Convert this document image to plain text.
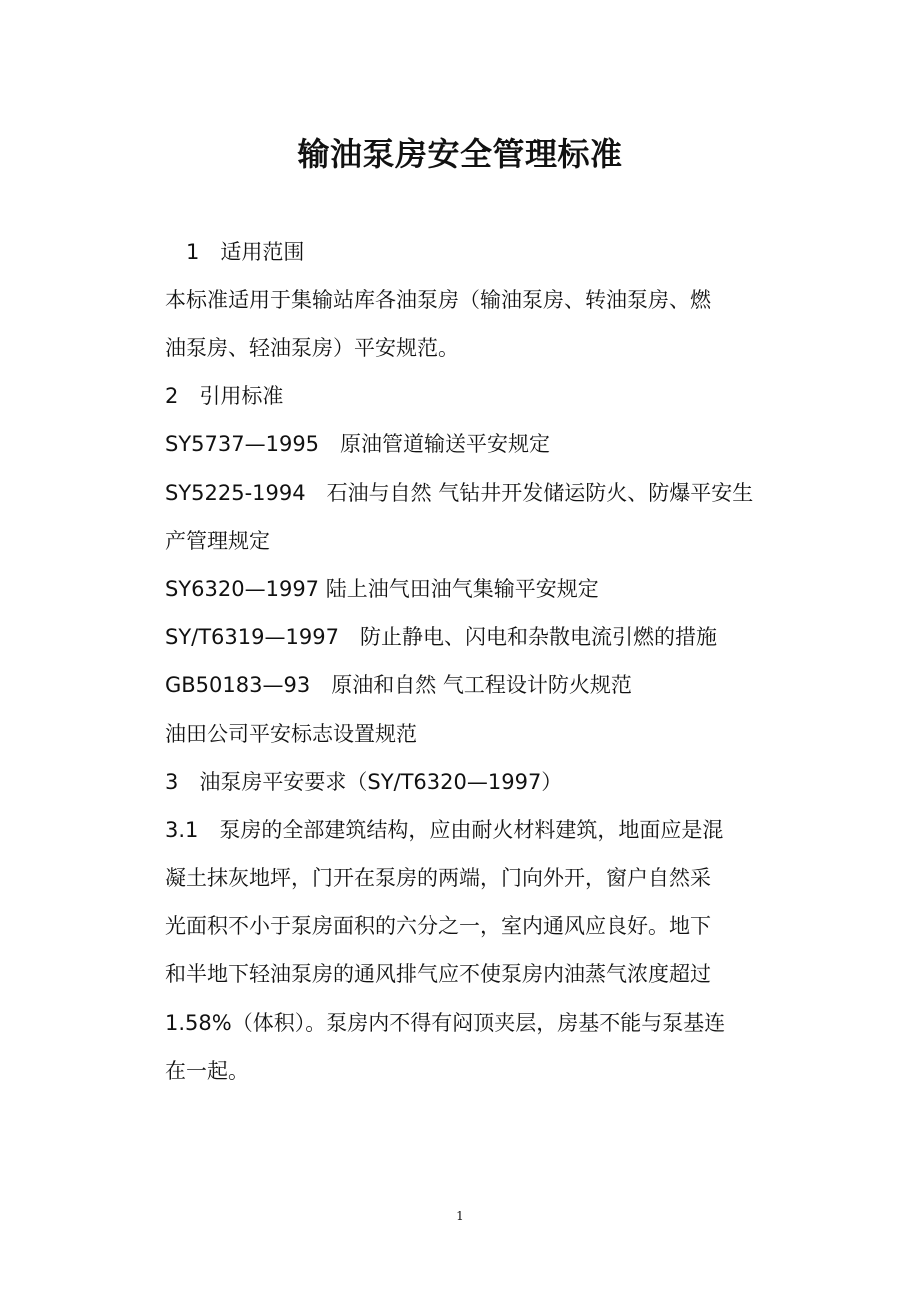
输油泵房安全管理标准
1　适用范围
本标准适用于集输站库各油泵房（输油泵房、转油泵房、燃
油泵房、轻油泵房）平安规范。
2　引用标准
SY5737—1995　原油管道输送平安规定
SY5225-1994　石油与自然 气钻井开发储运防火、防爆平安生
产管理规定
SY6320—1997 陆上油气田油气集输平安规定
SY/T6319—1997　防止静电、闪电和杂散电流引燃的措施
GB50183—93　原油和自然 气工程设计防火规范
油田公司平安标志设置规范
3　油泵房平安要求（SY/T6320—1997）
3.1　泵房的全部建筑结构，应由耐火材料建筑，地面应是混
凝土抹灰地坪，门开在泵房的两端，门向外开，窗户自然采
光面积不小于泵房面积的六分之一，室内通风应良好。地下
和半地下轻油泵房的通风排气应不使泵房内油蒸气浓度超过
1.58%（体积）。泵房内不得有闷顶夹层，房基不能与泵基连
在一起。
1
